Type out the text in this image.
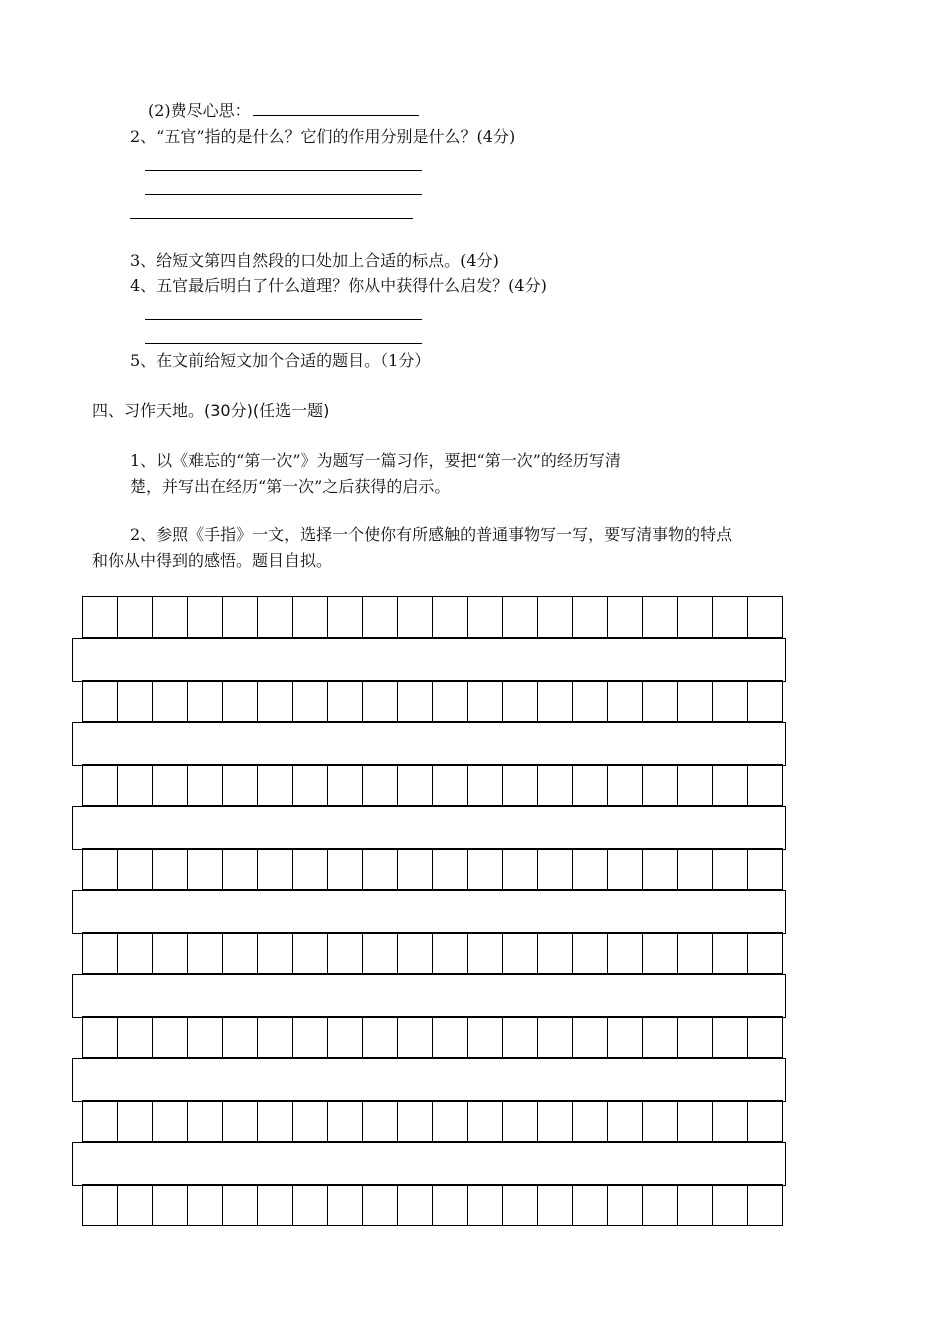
(2)费尽心思：
2、“五官”指的是什么？它们的作用分别是什么？(4分)
3、给短文第四自然段的口处加上合适的标点。(4分)
4、五官最后明白了什么道理？你从中获得什么启发？(4分)
5、在文前给短文加个合适的题目。（1分）
四、习作天地。(30分)(任选一题)
1、以《难忘的“第一次”》为题写一篇习作，要把“第一次”的经历写清
楚，并写出在经历“第一次”之后获得的启示。
2、参照《手指》一文，选择一个使你有所感触的普通事物写一写，要写清事物的特点
和你从中得到的感悟。题目自拟。
